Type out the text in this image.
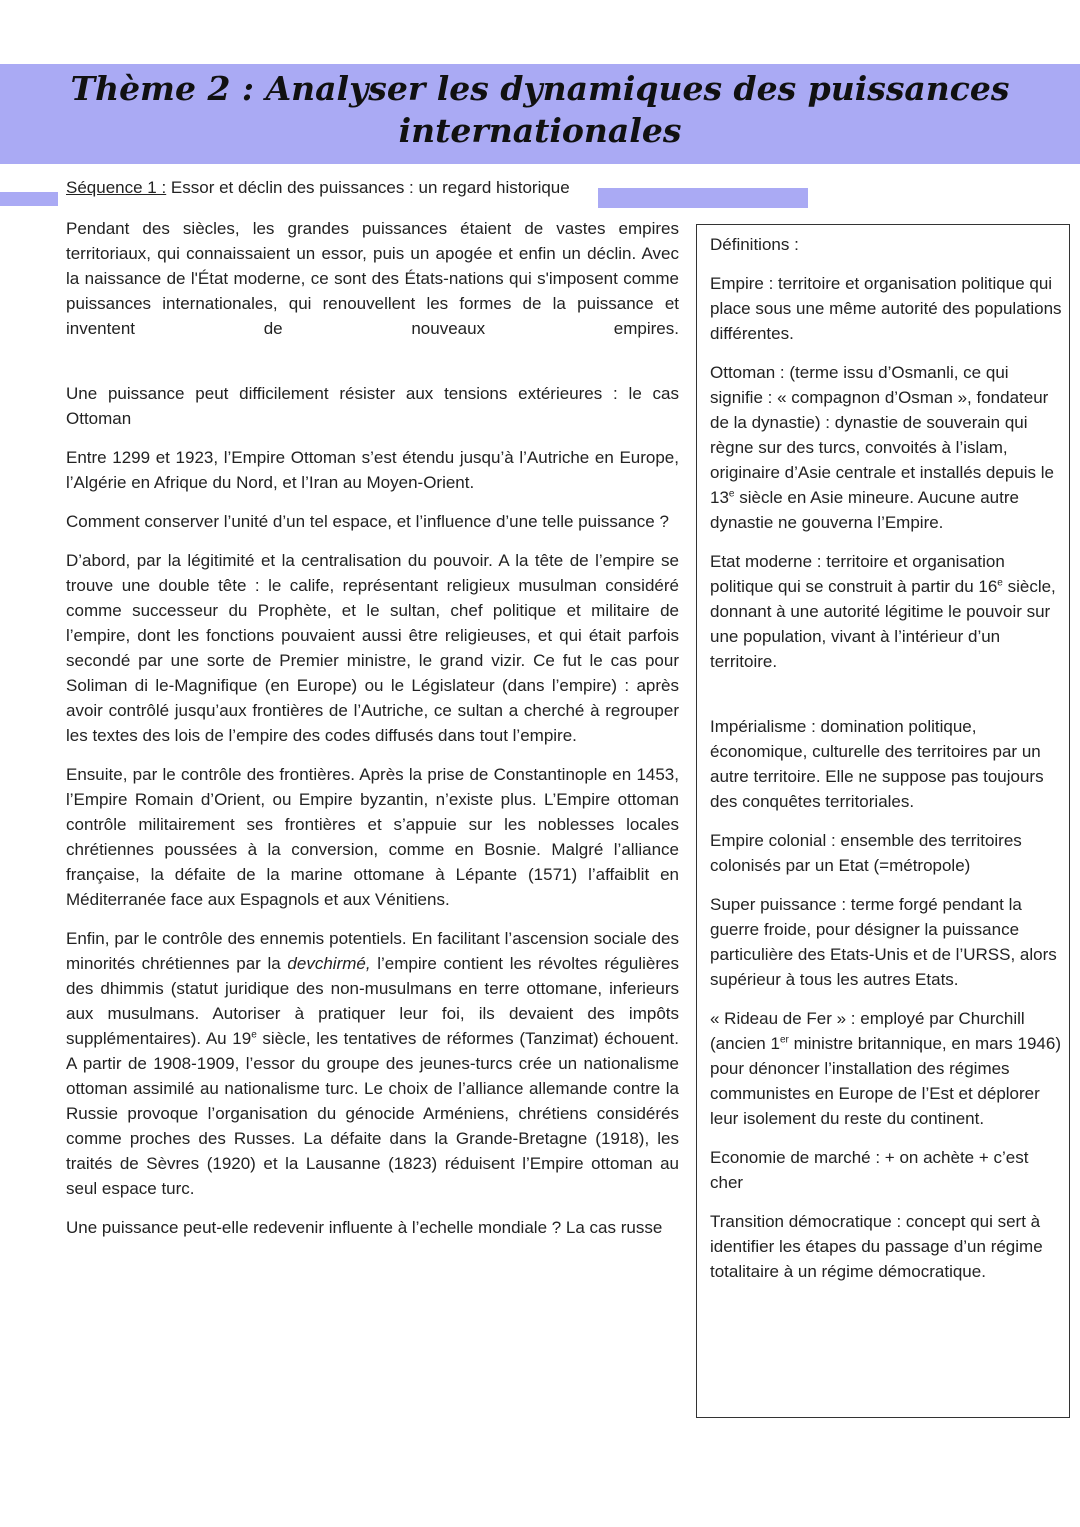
Thème 2 : Analyser les dynamiques des puissances
internationales
Séquence 1 : Essor et déclin des puissances : un regard historique

Pendant des siècles, les grandes puissances étaient de vastes empires territoriaux, qui connaissaient un essor, puis un apogée et enfin un déclin. Avec la naissance de l'État moderne, ce sont des États-nations qui s'imposent comme puissances internationales, qui renouvellent les formes de la puissance et inventent de nouveaux empires.

Une puissance peut difficilement résister aux tensions extérieures : le cas Ottoman

Entre 1299 et 1923, l’Empire Ottoman s’est étendu jusqu’à l’Autriche en Europe, l’Algérie en Afrique du Nord, et l’Iran au Moyen-Orient.

Comment conserver l’unité d’un tel espace, et l’influence d’une telle puissance ?

D’abord, par la légitimité et la centralisation du pouvoir. A la tête de l’empire se trouve une double tête : le calife, représentant religieux musulman considéré comme successeur du Prophète, et le sultan, chef politique et militaire de l’empire, dont les fonctions pouvaient aussi être religieuses, et qui était parfois secondé par une sorte de Premier ministre, le grand vizir. Ce fut le cas pour Soliman di le-Magnifique (en Europe) ou le Législateur (dans l’empire) : après avoir contrôlé jusqu’aux frontières de l’Autriche, ce sultan a cherché à regrouper les textes des lois de l’empire des codes diffusés dans tout l’empire.

Ensuite, par le contrôle des frontières. Après la prise de Constantinople en 1453, l’Empire Romain d’Orient, ou Empire byzantin, n’existe plus. L’Empire ottoman contrôle militairement ses frontières et s’appuie sur les noblesses locales chrétiennes poussées à la conversion, comme en Bosnie. Malgré l’alliance française, la défaite de la marine ottomane à Lépante (1571) l’affaiblit en Méditerranée face aux Espagnols et aux Vénitiens.

Enfin, par le contrôle des ennemis potentiels. En facilitant l’ascension sociale des minorités chrétiennes par la devchirmé, l’empire contient les révoltes régulières des dhimmis (statut juridique des non-musulmans en terre ottomane, inferieurs aux musulmans. Autoriser à pratiquer leur foi, ils devaient des impôts supplémentaires). Au 19e siècle, les tentatives de réformes (Tanzimat) échouent. A partir de 1908-1909, l’essor du groupe des jeunes-turcs crée un nationalisme ottoman assimilé au nationalisme turc. Le choix de l’alliance allemande contre la Russie provoque l’organisation du génocide Arméniens, chrétiens considérés comme proches des Russes. La défaite dans la Grande-Bretagne (1918), les traités de Sèvres (1920) et la Lausanne (1823) réduisent l’Empire ottoman au seul espace turc.

Une puissance peut-elle redevenir influente à l’echelle mondiale ? La cas russe

Définitions :

Empire : territoire et organisation politique qui place sous une même autorité des populations différentes.

Ottoman : (terme issu d’Osmanli, ce qui signifie : « compagnon d’Osman », fondateur de la dynastie) : dynastie de souverain qui règne sur des turcs, convoités à l’islam, originaire d’Asie centrale et installés depuis le 13e siècle en Asie mineure. Aucune autre dynastie ne gouverna l’Empire.

Etat moderne : territoire et organisation politique qui se construit à partir du 16e siècle, donnant à une autorité légitime le pouvoir sur une population, vivant à l’intérieur d’un territoire.

Impérialisme : domination politique, économique, culturelle des territoires par un autre territoire. Elle ne suppose pas toujours des conquêtes territoriales.

Empire colonial : ensemble des territoires colonisés par un Etat (=métropole)

Super puissance : terme forgé pendant la guerre froide, pour désigner la puissance particulière des Etats-Unis et de l’URSS, alors supérieur à tous les autres Etats.

« Rideau de Fer » : employé par Churchill (ancien 1er ministre britannique, en mars 1946) pour dénoncer l’installation des régimes communistes en Europe de l’Est et déplorer leur isolement du reste du continent.

Economie de marché : + on achète + c’est cher

Transition démocratique : concept qui sert à identifier les étapes du passage d’un régime totalitaire à un régime démocratique.
